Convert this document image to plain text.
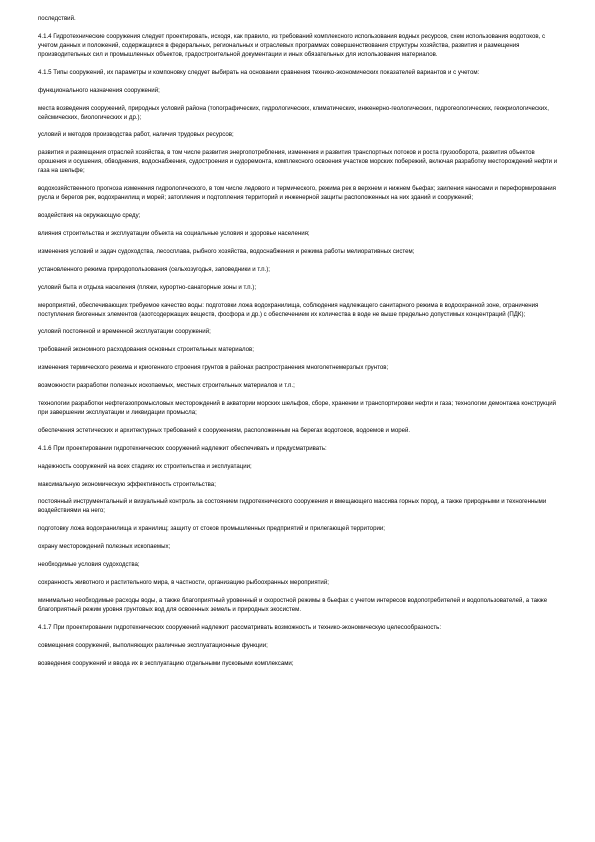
последствий.

4.1.4 Гидротехнические сооружения следует проектировать, исходя, как правило, из требований комплексного использования водных ресурсов, схем использования водотоков, с учетом данных и положений, содержащихся в федеральных, региональных и отраслевых программах совершенствования структуры хозяйства, развития и размещения производительных сил и промышленных объектов, градостроительной документации и иных обязательных для использования материалов.

4.1.5 Типы сооружений, их параметры и компоновку следует выбирать на основании сравнения технико-экономических показателей вариантов и с учетом:

функционального назначения сооружений;

места возведения сооружений, природных условий района (топографических, гидрологических, климатических, инженерно-геологических, гидрогеологических, геокриологических, сейсмических, биологических и др.);

условий и методов производства работ, наличия трудовых ресурсов;

развития и размещения отраслей хозяйства, в том числе развития энергопотребления, изменения и развития транспортных потоков и роста грузооборота, развития объектов орошения и осушения, обводнения, водоснабжения, судостроения и судоремонта, комплексного освоения участков морских побережий, включая разработку месторождений нефти и газа на шельфе;

водохозяйственного прогноза изменения гидрологического, в том числе ледового и термического, режима рек в верхнем и нижнем бьефах; заиления наносами и переформирования русла и берегов рек, водохранилищ и морей; затопления и подтопления территорий и инженерной защиты расположенных на них зданий и сооружений;

воздействия на окружающую среду;

влияния строительства и эксплуатации объекта на социальные условия и здоровье населения;

изменения условий и задач судоходства, лесосплава, рыбного хозяйства, водоснабжения и режима работы мелиоративных систем;

установленного режима природопользования (сельхозугодья, заповедники и т.п.);

условий быта и отдыха населения (пляжи, курортно-санаторные зоны и т.п.);

мероприятий, обеспечивающих требуемое качество воды: подготовки ложа водохранилища, соблюдения надлежащего санитарного режима в водоохранной зоне, ограничения поступления биогенных элементов (азотсодержащих веществ, фосфора и др.) с обеспечением их количества в воде не выше предельно допустимых концентраций (ПДК);

условий постоянной и временной эксплуатации сооружений;

требований экономного расходования основных строительных материалов;

изменения термического режима и криогенного строения грунтов в районах распространения многолетнемерзлых грунтов;

возможности разработки полезных ископаемых, местных строительных материалов и т.п.;

технологии разработки нефтегазопромысловых месторождений в акватории морских шельфов, сборе, хранении и транспортировки нефти и газа; технологии демонтажа конструкций при завершении эксплуатации и ликвидации промысла;

обеспечения эстетических и архитектурных требований к сооружениям, расположенным на берегах водотоков, водоемов и морей.

4.1.6 При проектировании гидротехнических сооружений надлежит обеспечивать и предусматривать:

надежность сооружений на всех стадиях их строительства и эксплуатации;

максимальную экономическую эффективность строительства;

постоянный инструментальный и визуальный контроль за состоянием гидротехнического сооружения и вмещающего массива горных пород, а также природными и техногенными воздействиями на него;

подготовку ложа водохранилища и хранилищ; защиту от стоков промышленных предприятий и прилегающей территории;

охрану месторождений полезных ископаемых;

необходимые условия судоходства;

сохранность животного и растительного мира, в частности, организацию рыбоохранных мероприятий;

минимально необходимые расходы воды, а также благоприятный уровенный и скоростной режимы в бьефах с учетом интересов водопотребителей и водопользователей, а также благоприятный режим уровня грунтовых вод для освоенных земель и природных экосистем.

4.1.7 При проектировании гидротехнических сооружений надлежит рассматривать возможность и технико-экономическую целесообразность:

совмещения сооружений, выполняющих различные эксплуатационные функции;

возведения сооружений и ввода их в эксплуатацию отдельными пусковыми комплексами;
